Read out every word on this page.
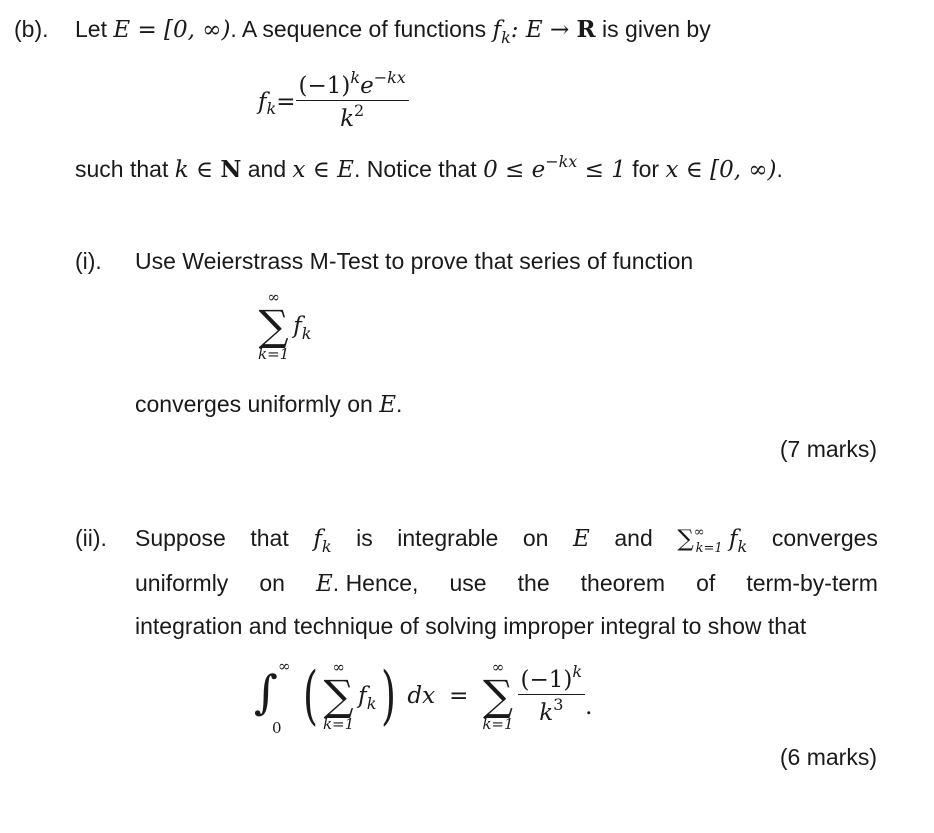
(b). Let E = [0, ∞). A sequence of functions $f_k$: E → R is given by
f $k = \frac{(-1)^ke^{-kx}}{k^2}$
such that k ∈ N and x ∈ E. Notice that $0 \le e^{-kx} \le 1$ for x ∈ [0, ∞).
(i). Use Weierstrass M-Test to prove that series of function
∞
∑
k=1
$f_k$
converges uniformly on E.
(7 marks)
(ii). Suppose that $f_k$ is integrable on E and $\sum^\infty_{k=1}$ $f_k$ converges
uniformly on E. Hence, use the theorem of term-by-term
integration and technique of solving improper integral to show that
∫ ∞
0 ( ∞
∑
k=1
$f_k$ ) dx =
∞
∑
$k=1 \frac{(-1)^k}{k^3}$ .
(6 marks)
